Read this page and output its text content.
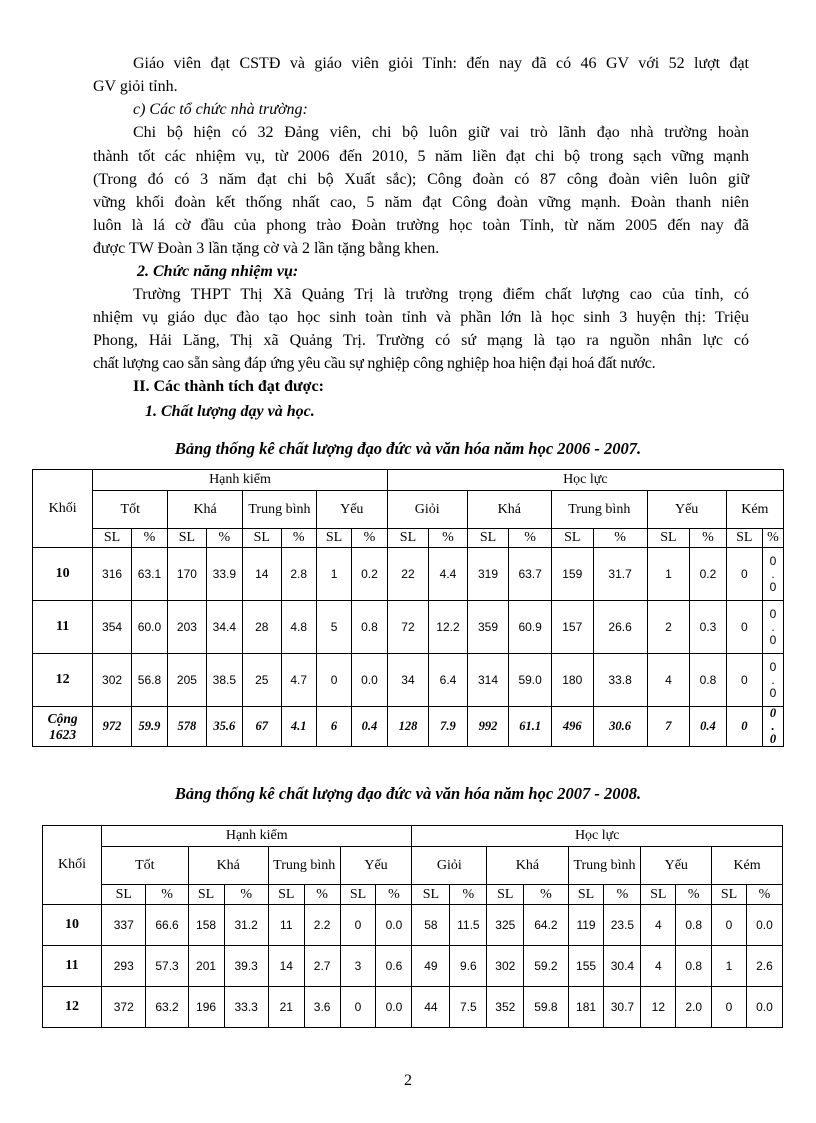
Giáo viên đạt CSTĐ và giáo viên giỏi Tỉnh: đến nay đã có 46 GV với 52 lượt đạt

GV giỏi tỉnh.

c) Các tổ chức nhà trường:

Chi bộ hiện có 32 Đảng viên, chi bộ luôn giữ vai trò lãnh đạo nhà trường hoàn

thành tốt các nhiệm vụ, từ 2006 đến 2010, 5 năm liền đạt chi bộ trong sạch vững mạnh

(Trong đó có 3 năm đạt chi bộ Xuất sắc); Công đoàn có 87 công đoàn viên luôn giữ

vững khối đoàn kết thống nhất cao, 5 năm đạt Công đoàn vững mạnh. Đoàn thanh niên

luôn là lá cờ đầu của phong trào Đoàn trường học toàn Tỉnh, từ năm 2005 đến nay đã

được TW Đoàn 3 lần tặng cờ và 2 lần tặng bằng khen.

2. Chức năng nhiệm vụ:

Trường THPT Thị Xã Quảng Trị là trường trọng điểm chất lượng cao của tỉnh, có

nhiệm vụ giáo dục đào tạo học sinh toàn tỉnh và phần lớn là học sinh 3 huyện thị: Triệu

Phong, Hải Lăng, Thị xã Quảng Trị. Trường có sứ mạng là tạo ra nguồn nhân lực có

chất lượng cao sẵn sàng đáp ứng yêu cầu sự nghiệp công nghiệp hoa hiện đại hoá đất nước.

II. Các thành tích đạt được:

1. Chất lượng dạy và học.

Bảng thống kê chất lượng đạo đức và văn hóa năm học 2006 - 2007.
Khối	Hạnh kiểm								Học lực									
	Tốt		Khá		Trung bình		Yếu		Giỏi		Khá		Trung bình		Yếu		Kém	
	SL	%	SL	%	SL	%	SL	%	SL	%	SL	%	SL	%	SL	%	SL	%
10	316	63.1	170	33.9	14	2.8	1	0.2	22	4.4	319	63.7	159	31.7	1	0.2	0	0
.
0
11	354	60.0	203	34.4	28	4.8	5	0.8	72	12.2	359	60.9	157	26.6	2	0.3	0	0
.
0
12	302	56.8	205	38.5	25	4.7	0	0.0	34	6.4	314	59.0	180	33.8	4	0.8	0	0
.
0
Cộng 1623	972	59.9	578	35.6	67	4.1	6	0.4	128	7.9	992	61.1	496	30.6	7	0.4	0	0
.
0
Bảng thống kê chất lượng đạo đức và văn hóa năm học 2007 - 2008.
Khối	Hạnh kiểm								Học lực									
	Tốt		Khá		Trung bình		Yếu		Giỏi		Khá		Trung bình		Yếu		Kém	
	SL	%	SL	%	SL	%	SL	%	SL	%	SL	%	SL	%	SL	%	SL	%
10	337	66.6	158	31.2	11	2.2	0	0.0	58	11.5	325	64.2	119	23.5	4	0.8	0	0.0
11	293	57.3	201	39.3	14	2.7	3	0.6	49	9.6	302	59.2	155	30.4	4	0.8	1	2.6
12	372	63.2	196	33.3	21	3.6	0	0.0	44	7.5	352	59.8	181	30.7	12	2.0	0	0.0
2
